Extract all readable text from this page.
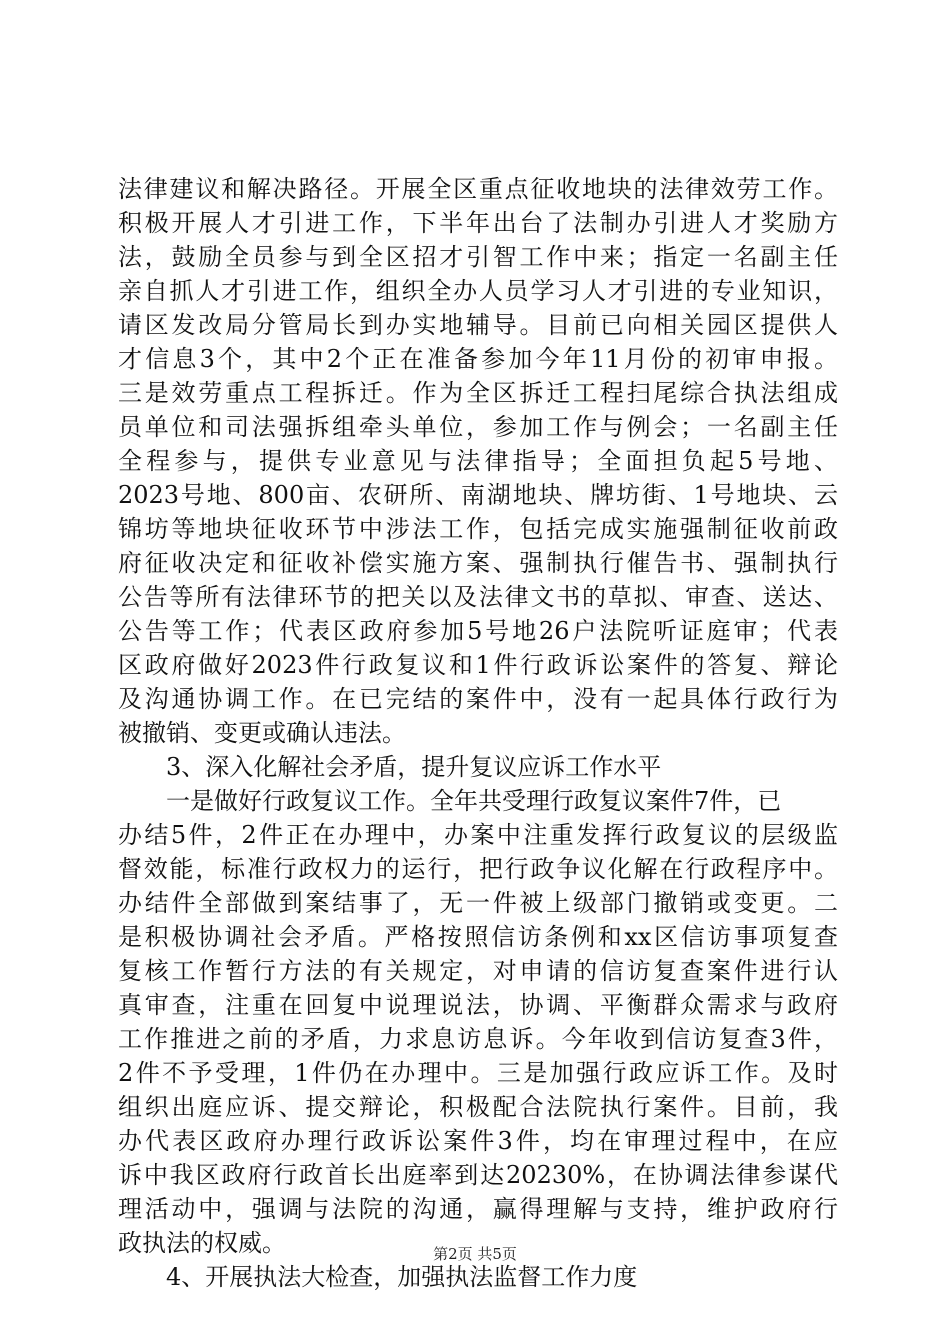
法律建议和解决路径。开展全区重点征收地块的法律效劳工作。
积极开展人才引进工作，下半年出台了法制办引进人才奖励方
法，鼓励全员参与到全区招才引智工作中来；指定一名副主任
亲自抓人才引进工作，组织全办人员学习人才引进的专业知识，
请区发改局分管局长到办实地辅导。目前已向相关园区提供人
才信息3个，其中2个正在准备参加今年11月份的初审申报。
三是效劳重点工程拆迁。作为全区拆迁工程扫尾综合执法组成
员单位和司法强拆组牵头单位，参加工作与例会；一名副主任
全程参与，提供专业意见与法律指导；全面担负起5号地、
2023号地、800亩、农研所、南湖地块、牌坊街、1号地块、云
锦坊等地块征收环节中涉法工作，包括完成实施强制征收前政
府征收决定和征收补偿实施方案、强制执行催告书、强制执行
公告等所有法律环节的把关以及法律文书的草拟、审查、送达、
公告等工作；代表区政府参加5号地26户法院听证庭审；代表
区政府做好2023件行政复议和1件行政诉讼案件的答复、辩论
及沟通协调工作。在已完结的案件中，没有一起具体行政行为
被撤销、变更或确认违法。
3、深入化解社会矛盾，提升复议应诉工作水平
一是做好行政复议工作。全年共受理行政复议案件7件，已
办结5件，2件正在办理中，办案中注重发挥行政复议的层级监
督效能，标准行政权力的运行，把行政争议化解在行政程序中。
办结件全部做到案结事了，无一件被上级部门撤销或变更。二
是积极协调社会矛盾。严格按照信访条例和xx区信访事项复查
复核工作暂行方法的有关规定，对申请的信访复查案件进行认
真审查，注重在回复中说理说法，协调、平衡群众需求与政府
工作推进之前的矛盾，力求息访息诉。今年收到信访复查3件，
2件不予受理，1件仍在办理中。三是加强行政应诉工作。及时
组织出庭应诉、提交辩论，积极配合法院执行案件。目前，我
办代表区政府办理行政诉讼案件3件，均在审理过程中，在应
诉中我区政府行政首长出庭率到达20230%，在协调法律参谋代
理活动中，强调与法院的沟通，赢得理解与支持，维护政府行
政执法的权威。
4、开展执法大检查，加强执法监督工作力度
第2页 共5页
